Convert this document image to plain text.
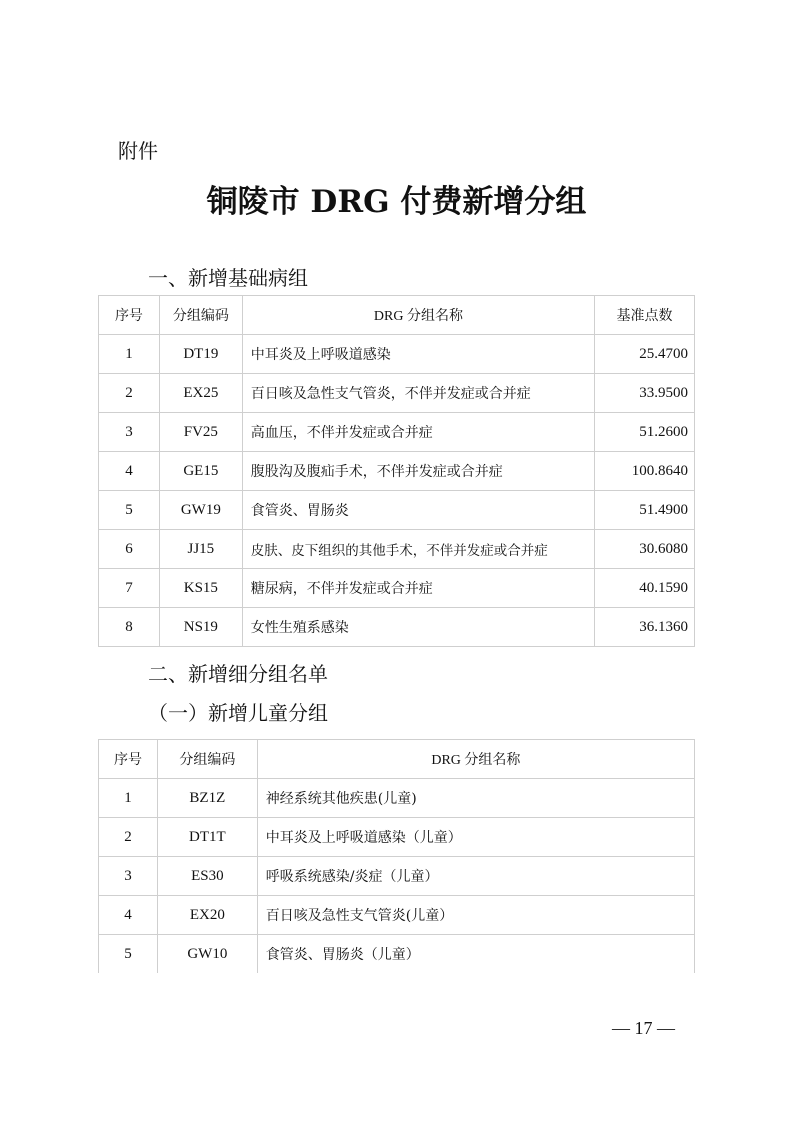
附件
铜陵市 DRG 付费新增分组
一、新增基础病组
序号	分组编码	DRG 分组名称	基准点数
1	DT19	中耳炎及上呼吸道感染	25.4700
2	EX25	百日咳及急性支气管炎，不伴并发症或合并症	33.9500
3	FV25	高血压，不伴并发症或合并症	51.2600
4	GE15	腹股沟及腹疝手术，不伴并发症或合并症	100.8640
5	GW19	食管炎、胃肠炎	51.4900
6	JJ15	皮肤、皮下组织的其他手术，不伴并发症或合并症	30.6080
7	KS15	糖尿病，不伴并发症或合并症	40.1590
8	NS19	女性生殖系感染	36.1360
二、新增细分组名单
（一）新增儿童分组
序号	分组编码	DRG 分组名称
1	BZ1Z	神经系统其他疾患(儿童)
2	DT1T	中耳炎及上呼吸道感染（儿童）
3	ES30	呼吸系统感染/炎症（儿童）
4	EX20	百日咳及急性支气管炎(儿童）
5	GW10	食管炎、胃肠炎（儿童）
— 17 —
